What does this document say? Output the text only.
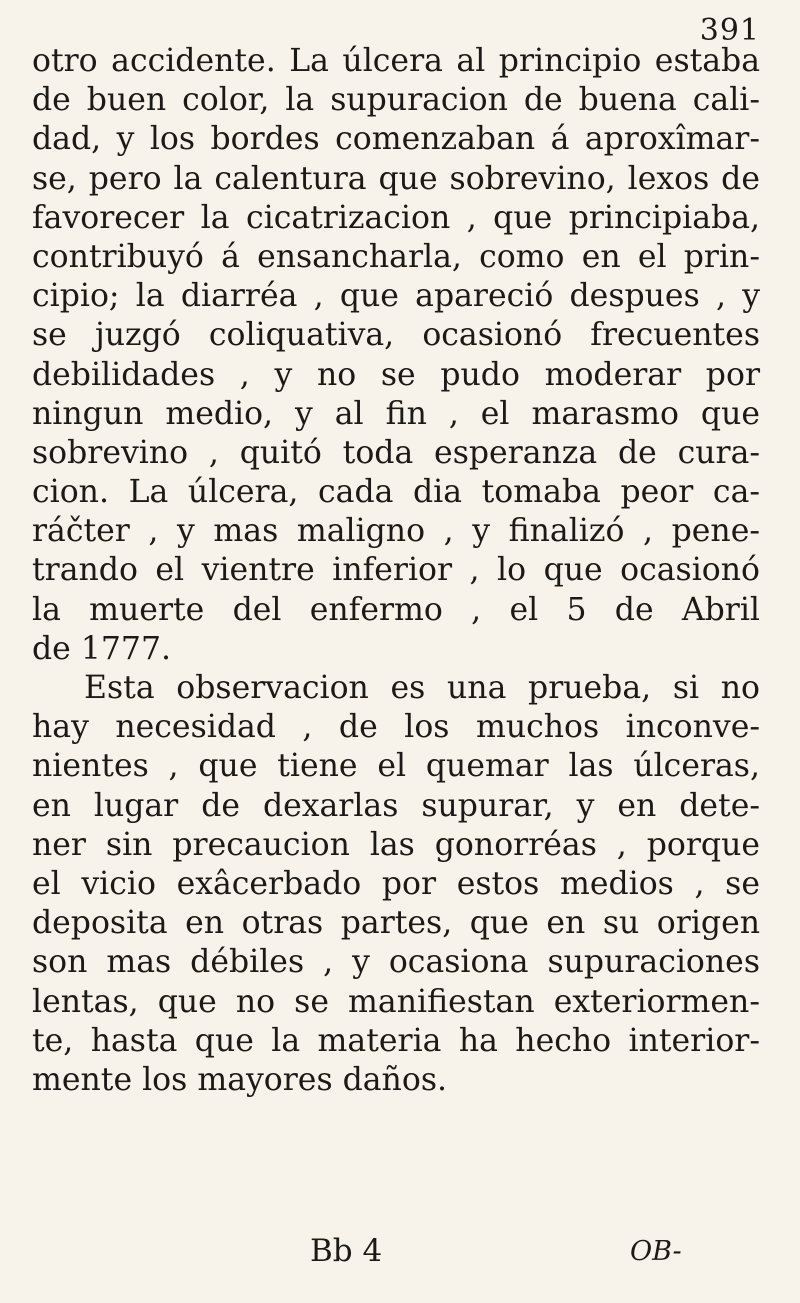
391
otro accidente. La úlcera al principio estaba
de buen color, la supuracion de buena cali-
dad, y los bordes comenzaban á aproxîmar-
se, pero la calentura que sobrevino, lexos de
favorecer la cicatrizacion , que principiaba,
contribuyó á ensancharla, como en el prin-
cipio; la diarréa , que apareció despues , y
se juzgó coliquativa, ocasionó frecuentes
debilidades , y no se pudo moderar por
ningun medio, y al fin , el marasmo que
sobrevino , quitó toda esperanza de cura-
cion. La úlcera, cada dia tomaba peor ca-
ráčter , y mas maligno , y finalizó , pene-
trando el vientre inferior , lo que ocasionó
la muerte del enfermo , el 5 de Abril
de 1777.
Esta observacion es una prueba, si no
hay necesidad , de los muchos inconve-
nientes , que tiene el quemar las úlceras,
en lugar de dexarlas supurar, y en dete-
ner sin precaucion las gonorréas , porque
el vicio exâcerbado por estos medios , se
deposita en otras partes, que en su origen
son mas débiles , y ocasiona supuraciones
lentas, que no se manifiestan exteriormen-
te, hasta que la materia ha hecho interior-
mente los mayores daños.
Bb 4	OB-
